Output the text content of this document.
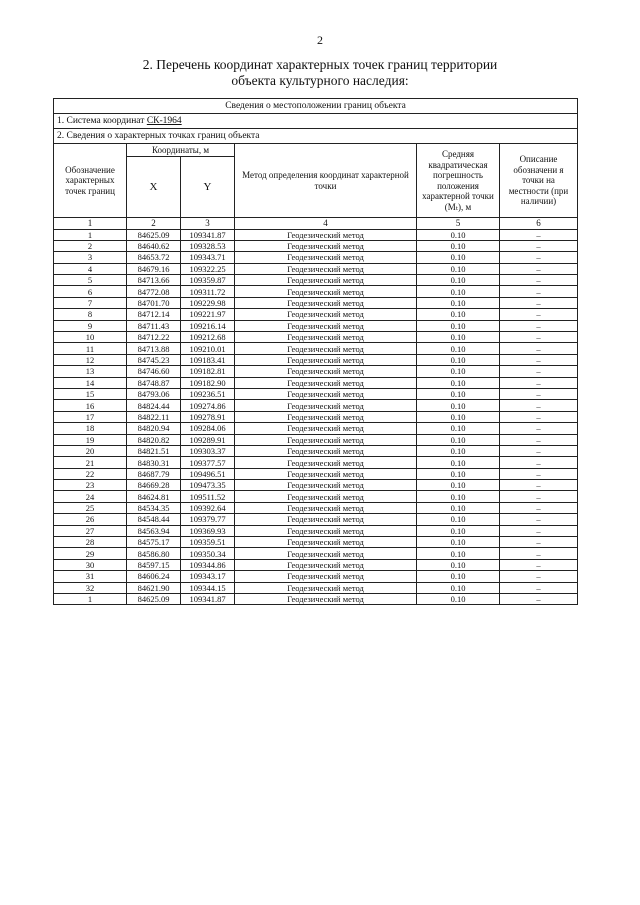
2
2. Перечень координат характерных точек границ территории
объекта культурного наследия:
Сведения о местоположении границ объекта					
1. Система координат СК-1964					
2. Сведения о характерных точках границ объекта					
Обозначение характерных точек границ	Координаты, м		Метод определения координат характерной точки	Средняя квадратическая погрешность положения характерной точки (Mₜ), м	Описание обозначени я точки на местности (при наличии)
	X	Y			
1	2	3	4	5	6
1	84625.09	109341.87	Геодезический метод	0.10	–
2	84640.62	109328.53	Геодезический метод	0.10	–
3	84653.72	109343.71	Геодезический метод	0.10	–
4	84679.16	109322.25	Геодезический метод	0.10	–
5	84713.66	109359.87	Геодезический метод	0.10	–
6	84772.08	109311.72	Геодезический метод	0.10	–
7	84701.70	109229.98	Геодезический метод	0.10	–
8	84712.14	109221.97	Геодезический метод	0.10	–
9	84711.43	109216.14	Геодезический метод	0.10	–
10	84712.22	109212.68	Геодезический метод	0.10	–
11	84713.88	109210.01	Геодезический метод	0.10	–
12	84745.23	109183.41	Геодезический метод	0.10	–
13	84746.60	109182.81	Геодезический метод	0.10	–
14	84748.87	109182.90	Геодезический метод	0.10	–
15	84793.06	109236.51	Геодезический метод	0.10	–
16	84824.44	109274.86	Геодезический метод	0.10	–
17	84822.11	109278.91	Геодезический метод	0.10	–
18	84820.94	109284.06	Геодезический метод	0.10	–
19	84820.82	109289.91	Геодезический метод	0.10	–
20	84821.51	109303.37	Геодезический метод	0.10	–
21	84830.31	109377.57	Геодезический метод	0.10	–
22	84687.79	109496.51	Геодезический метод	0.10	–
23	84669.28	109473.35	Геодезический метод	0.10	–
24	84624.81	109511.52	Геодезический метод	0.10	–
25	84534.35	109392.64	Геодезический метод	0.10	–
26	84548.44	109379.77	Геодезический метод	0.10	–
27	84563.94	109369.93	Геодезический метод	0.10	–
28	84575.17	109359.51	Геодезический метод	0.10	–
29	84586.80	109350.34	Геодезический метод	0.10	–
30	84597.15	109344.86	Геодезический метод	0.10	–
31	84606.24	109343.17	Геодезический метод	0.10	–
32	84621.90	109344.15	Геодезический метод	0.10	–
1	84625.09	109341.87	Геодезический метод	0.10	–
